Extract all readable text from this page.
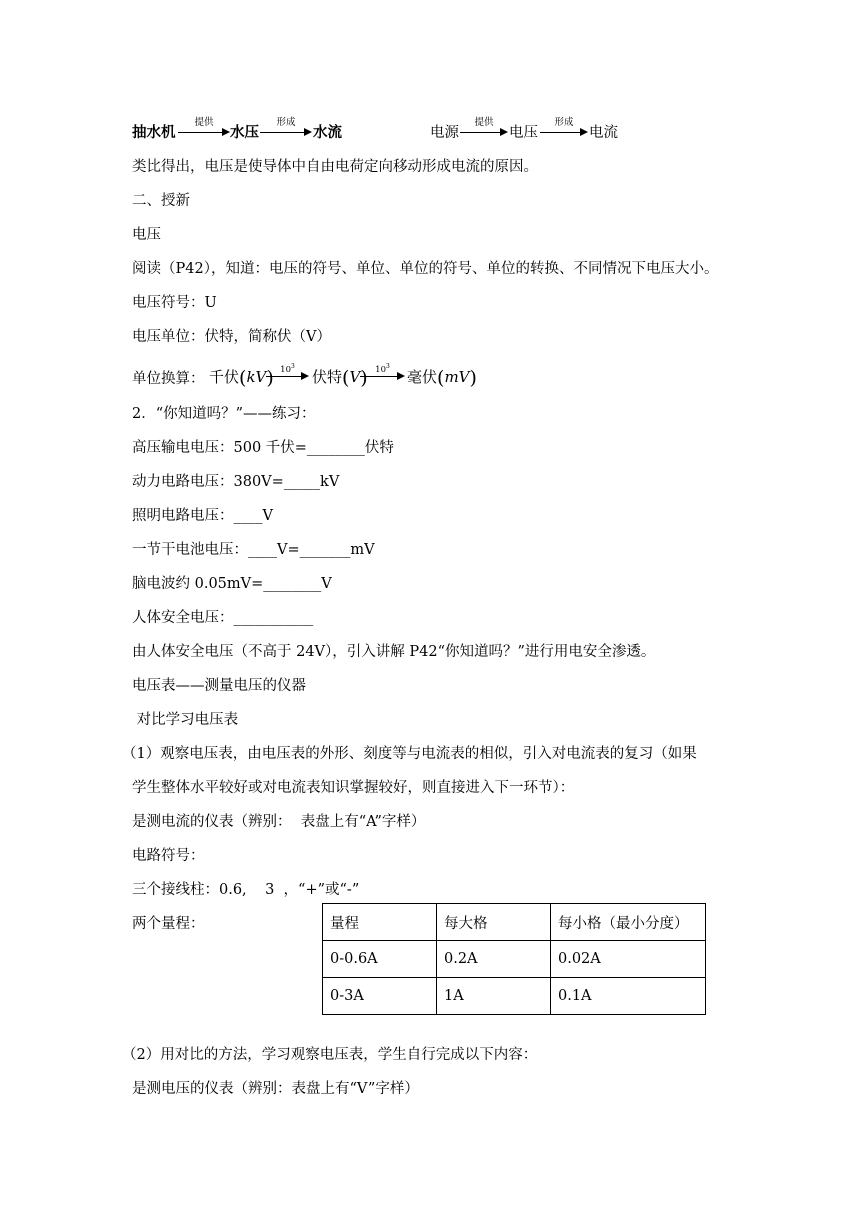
抽水机
提供
水压
形成
水流	电源
提供
电压
形成
电流
类比得出，电压是使导体中自由电荷定向移动形成电流的原因。
二、授新
电压
阅读（P42），知道：电压的符号、单位、单位的符号、单位的转换、不同情况下电压大小。
电压符号：U
电压单位：伏特，简称伏（V）
单位换算： 千伏(kV) $10^3$
伏特(V) $10^3$
毫伏(mV)
2．“你知道吗？”——练习：
高压输电电压：500 千伏=________伏特
动力电路电压：380V=_____kV
照明电路电压：____V
一节干电池电压：____V=_______mV
脑电波约 0.05mV=________V
人体安全电压：___________
由人体安全电压（不高于 24V），引入讲解 P42“你知道吗？”进行用电安全渗透。
电压表——测量电压的仪器
对比学习电压表
（1）观察电压表，由电压表的外形、刻度等与电流表的相似，引入对电流表的复习（如果
学生整体水平较好或对电流表知识掌握较好，则直接进入下一环节）：
是测电流的仪表（辨别：  表盘上有“A”字样）
电路符号：
三个接线柱：0.6,    3  ，“+”或“-”
两个量程：	量程	每大格	每小格（最小分度）
0-0.6A	0.2A	0.02A
0-3A	1A	0.1A
（2）用对比的方法，学习观察电压表，学生自行完成以下内容：
是测电压的仪表（辨别：表盘上有“V”字样）
